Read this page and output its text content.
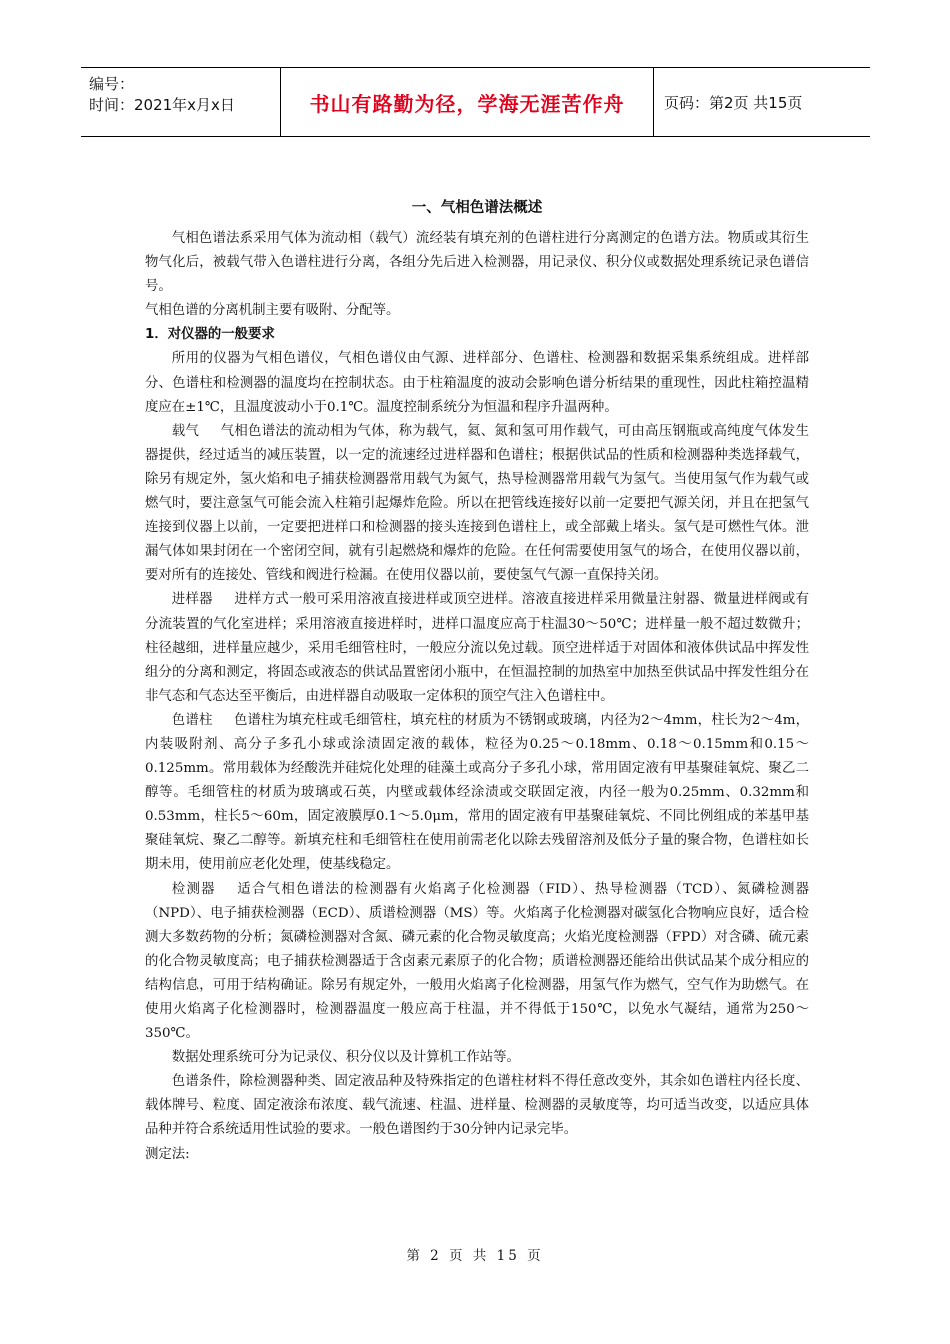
编号：
时间：2021年x月x日	书山有路勤为径，学海无涯苦作舟	页码：第2页 共15页
一、气相色谱法概述

气相色谱法系采用气体为流动相（载气）流经装有填充剂的色谱柱进行分离测定的色谱方法。物质或其衍生物气化后，被载气带入色谱柱进行分离，各组分先后进入检测器，用记录仪、积分仪或数据处理系统记录色谱信号。

气相色谱的分离机制主要有吸附、分配等。

1．对仪器的一般要求

所用的仪器为气相色谱仪，气相色谱仪由气源、进样部分、色谱柱、检测器和数据采集系统组成。进样部分、色谱柱和检测器的温度均在控制状态。由于柱箱温度的波动会影响色谱分析结果的重现性，因此柱箱控温精度应在±1℃，且温度波动小于0.1℃。温度控制系统分为恒温和程序升温两种。

载气 气相色谱法的流动相为气体，称为载气，氦、氮和氢可用作载气，可由高压钢瓶或高纯度气体发生器提供，经过适当的减压装置，以一定的流速经过进样器和色谱柱；根据供试品的性质和检测器种类选择载气，除另有规定外，氢火焰和电子捕获检测器常用载气为氮气，热导检测器常用载气为氢气。当使用氢气作为载气或燃气时，要注意氢气可能会流入柱箱引起爆炸危险。所以在把管线连接好以前一定要把气源关闭，并且在把氢气连接到仪器上以前，一定要把进样口和检测器的接头连接到色谱柱上，或全部戴上堵头。氢气是可燃性气体。泄漏气体如果封闭在一个密闭空间，就有引起燃烧和爆炸的危险。在任何需要使用氢气的场合，在使用仪器以前，要对所有的连接处、管线和阀进行检漏。在使用仪器以前，要使氢气气源一直保持关闭。

进样器 进样方式一般可采用溶液直接进样或顶空进样。溶液直接进样采用微量注射器、微量进样阀或有分流装置的气化室进样；采用溶液直接进样时，进样口温度应高于柱温30～50℃；进样量一般不超过数微升；柱径越细，进样量应越少，采用毛细管柱时，一般应分流以免过载。顶空进样适于对固体和液体供试品中挥发性组分的分离和测定，将固态或液态的供试品置密闭小瓶中，在恒温控制的加热室中加热至供试品中挥发性组分在非气态和气态达至平衡后，由进样器自动吸取一定体积的顶空气注入色谱柱中。

色谱柱 色谱柱为填充柱或毛细管柱，填充柱的材质为不锈钢或玻璃，内径为2～4mm，柱长为2～4m，内装吸附剂、高分子多孔小球或涂渍固定液的载体，粒径为0.25～0.18mm、0.18～0.15mm和0.15～0.125mm。常用载体为经酸洗并硅烷化处理的硅藻土或高分子多孔小球，常用固定液有甲基聚硅氧烷、聚乙二醇等。毛细管柱的材质为玻璃或石英，内壁或载体经涂渍或交联固定液，内径一般为0.25mm、0.32mm和0.53mm，柱长5～60m，固定液膜厚0.1～5.0μm，常用的固定液有甲基聚硅氧烷、不同比例组成的苯基甲基聚硅氧烷、聚乙二醇等。新填充柱和毛细管柱在使用前需老化以除去残留溶剂及低分子量的聚合物，色谱柱如长期未用，使用前应老化处理，使基线稳定。

检测器 适合气相色谱法的检测器有火焰离子化检测器（FID）、热导检测器（TCD）、氮磷检测器（NPD）、电子捕获检测器（ECD）、质谱检测器（MS）等。火焰离子化检测器对碳氢化合物响应良好，适合检测大多数药物的分析；氮磷检测器对含氮、磷元素的化合物灵敏度高；火焰光度检测器（FPD）对含磷、硫元素的化合物灵敏度高；电子捕获检测器适于含卤素元素原子的化合物；质谱检测器还能给出供试品某个成分相应的结构信息，可用于结构确证。除另有规定外，一般用火焰离子化检测器，用氢气作为燃气，空气作为助燃气。在使用火焰离子化检测器时，检测器温度一般应高于柱温，并不得低于150℃，以免水气凝结，通常为250～350℃。

数据处理系统可分为记录仪、积分仪以及计算机工作站等。

色谱条件，除检测器种类、固定液品种及特殊指定的色谱柱材料不得任意改变外，其余如色谱柱内径长度、载体牌号、粒度、固定液涂布浓度、载气流速、柱温、进样量、检测器的灵敏度等，均可适当改变，以适应具体品种并符合系统适用性试验的要求。一般色谱图约于30分钟内记录完毕。

测定法:

第 2 页 共 15 页
